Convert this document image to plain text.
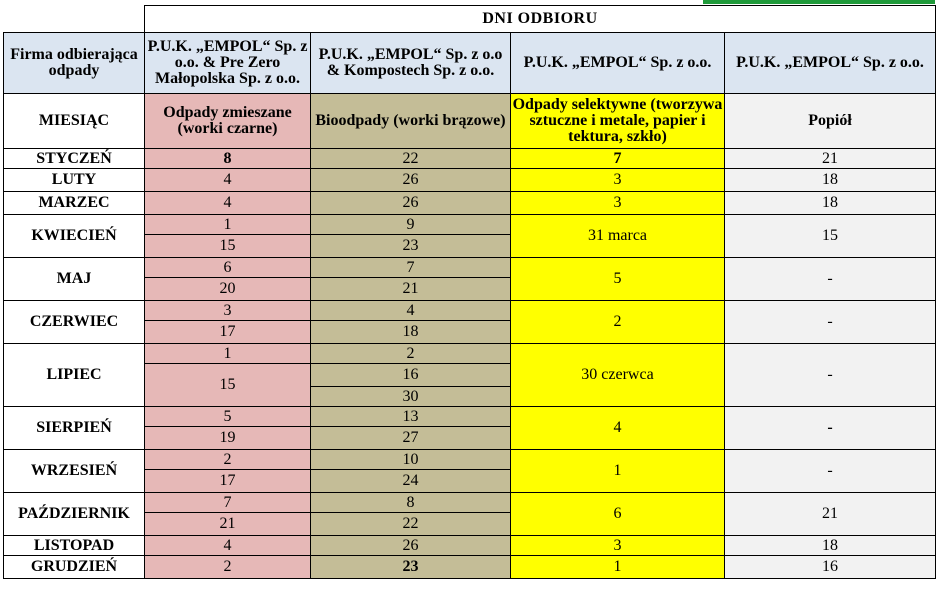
	DNI ODBIORU			
Firma odbierająca odpady	P.U.K. „EMPOL“ Sp. z o.o. & Pre Zero Małopolska Sp. z o.o.	P.U.K. „EMPOL“ Sp. z o.o & Kompostech Sp. z o.o.	P.U.K. „EMPOL“ Sp. z o.o.	P.U.K. „EMPOL“ Sp. z o.o.
MIESIĄC	Odpady zmieszane (worki czarne)	Bioodpady (worki brązowe)	Odpady selektywne (tworzywa sztuczne i metale, papier i tektura, szkło)	Popiół
STYCZEŃ	8	22	7	21
LUTY	4	26	3	18
MARZEC	4	26	3	18
KWIECIEŃ	1	9	31 marca	15
	15	23		
MAJ	6	7	5	-
	20	21		
CZERWIEC	3	4	2	-
	17	18		
LIPIEC	1	2	30 czerwca	-
	15	16		
		30		
SIERPIEŃ	5	13	4	-
	19	27		
WRZESIEŃ	2	10	1	-
	17	24		
PAŹDZIERNIK	7	8	6	21
	21	22		
LISTOPAD	4	26	3	18
GRUDZIEŃ	2	23	1	16
